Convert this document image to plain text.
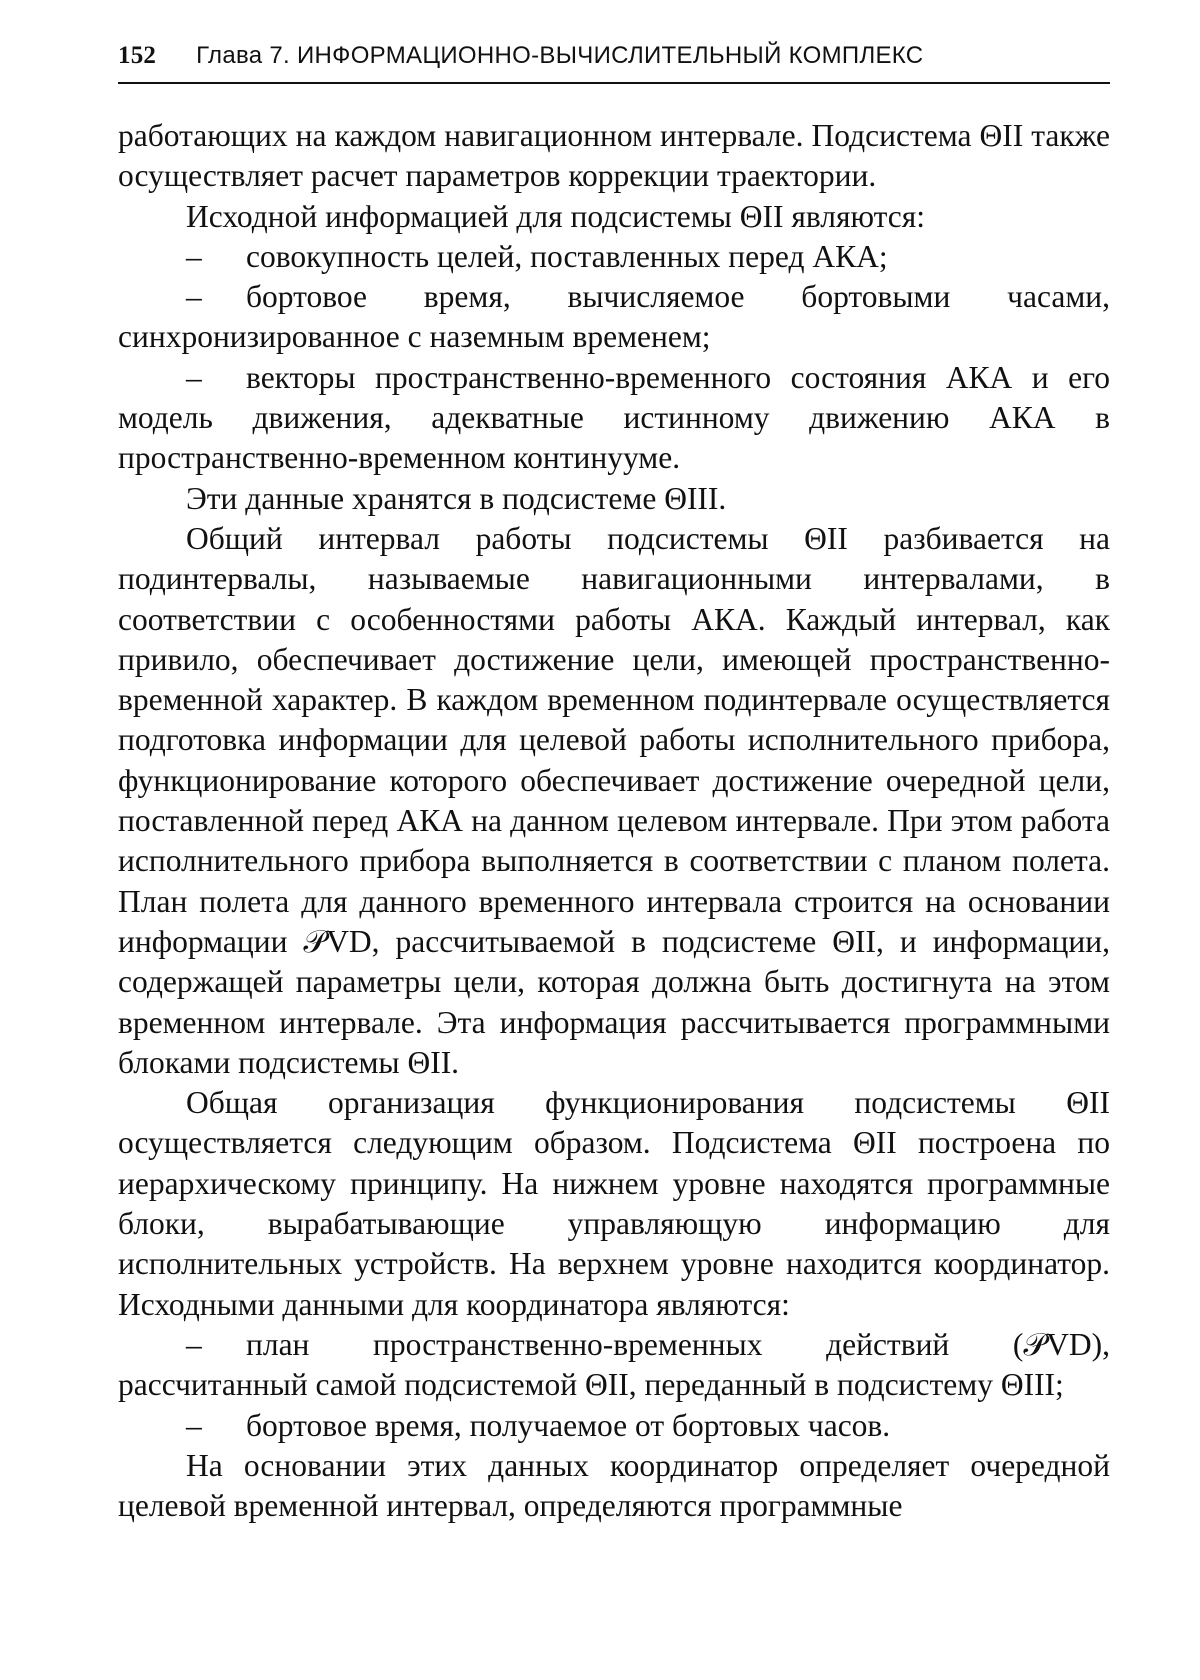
152 Глава 7. ИНФОРМАЦИОННО-ВЫЧИСЛИТЕЛЬНЫЙ КОМПЛЕКС

работающих на каждом навигационном интервале. Подсистема ΘII также осуществляет расчет параметров коррекции траектории.

Исходной информацией для подсистемы ΘII являются:

– совокупность целей, поставленных перед АКА;

– бортовое время, вычисляемое бортовыми часами, синхронизированное с наземным временем;

– векторы пространственно-временного состояния АКА и его модель движения, адекватные истинному движению АКА в пространственно-временном континууме.

Эти данные хранятся в подсистеме ΘIII.

Общий интервал работы подсистемы ΘII разбивается на подинтервалы, называемые навигационными интервалами, в соответствии с особенностями работы АКА. Каждый интервал, как привило, обеспечивает достижение цели, имеющей пространственно-временной характер. В каждом временном подинтервале осуществляется подготовка информации для целевой работы исполнительного прибора, функционирование которого обеспечивает достижение очередной цели, поставленной перед АКА на данном целевом интервале. При этом работа исполнительного прибора выполняется в соответствии с планом полета. План полета для данного временного интервала строится на основании информации 𝒫VD, рассчитываемой в подсистеме ΘII, и информации, содержащей параметры цели, которая должна быть достигнута на этом временном интервале. Эта информация рассчитывается программными блоками подсистемы ΘII.

Общая организация функционирования подсистемы ΘII осуществляется следующим образом. Подсистема ΘII построена по иерархическому принципу. На нижнем уровне находятся программные блоки, вырабатывающие управляющую информацию для исполнительных устройств. На верхнем уровне находится координатор. Исходными данными для координатора являются:

– план пространственно-временных действий (𝒫VD), рассчитанный самой подсистемой ΘII, переданный в подсистему ΘIII;

– бортовое время, получаемое от бортовых часов.

На основании этих данных координатор определяет очередной целевой временной интервал, определяются программные
